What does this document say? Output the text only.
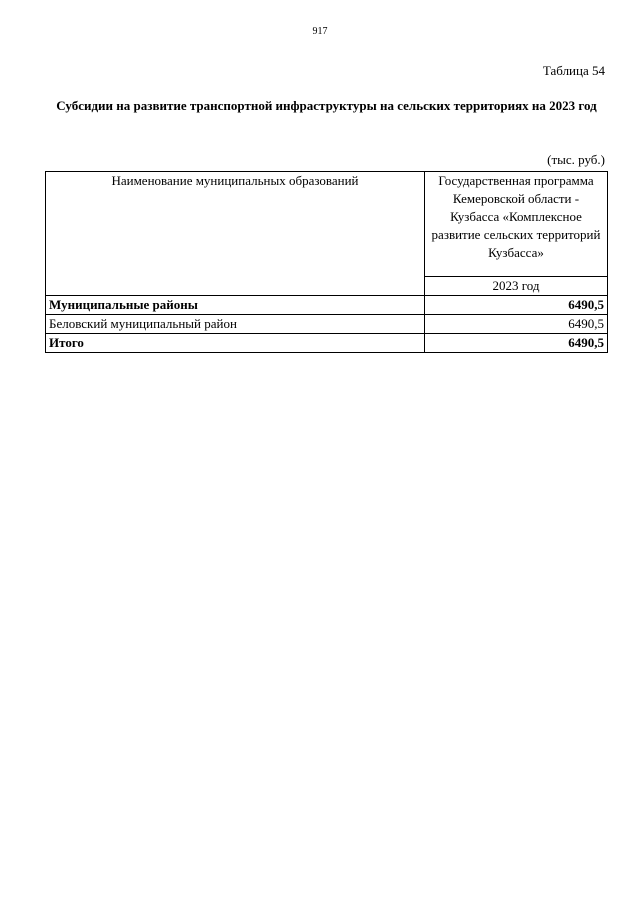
917
Таблица 54
Субсидии на развитие транспортной инфраструктуры на сельских территориях на 2023 год
(тыс. руб.)
Наименование муниципальных образований	Государственная программа Кемеровской области - Кузбасса «Комплексное развитие сельских территорий Кузбасса»
	2023 год
Муниципальные районы	6490,5
Беловский муниципальный район	6490,5
Итого	6490,5
